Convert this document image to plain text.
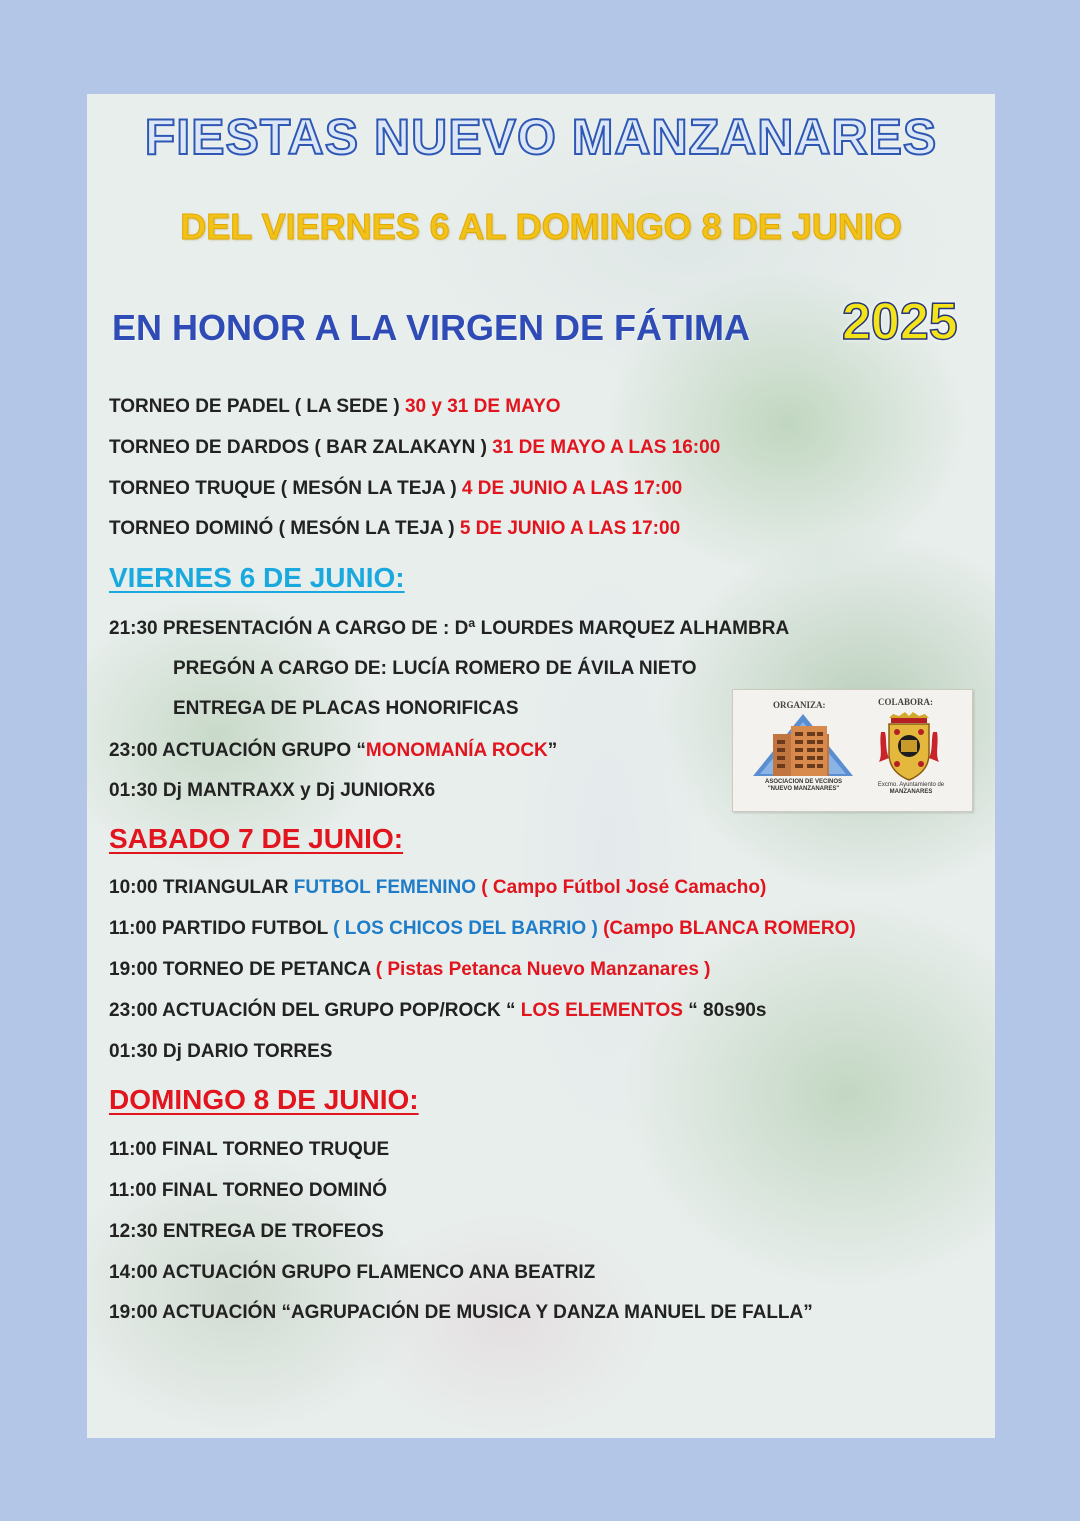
FIESTAS NUEVO MANZANARES
DEL VIERNES 6 AL DOMINGO 8 DE JUNIO
EN HONOR A LA VIRGEN DE FÁTIMA 2025
TORNEO DE PADEL ( LA SEDE ) 30 y 31 DE MAYO
TORNEO DE DARDOS ( BAR ZALAKAYN ) 31 DE MAYO A LAS 16:00
TORNEO TRUQUE ( MESÓN LA TEJA ) 4 DE JUNIO A LAS 17:00
TORNEO DOMINÓ ( MESÓN LA TEJA ) 5 DE JUNIO A LAS 17:00
VIERNES 6 DE JUNIO:
21:30 PRESENTACIÓN A CARGO DE : Dª LOURDES MARQUEZ ALHAMBRA
PREGÓN A CARGO DE: LUCÍA ROMERO DE ÁVILA NIETO
ENTREGA DE PLACAS HONORIFICAS
23:00 ACTUACIÓN GRUPO “MONOMANÍA ROCK”
01:30 Dj MANTRAXX y Dj JUNIORX6
ORGANIZA:	COLABORA:
ASOCIACION DE VECINOS
"NUEVO MANZANARES"
Excmo. Ayuntamiento de
MANZANARES
SABADO 7 DE JUNIO:
10:00 TRIANGULAR FUTBOL FEMENINO ( Campo Fútbol José Camacho)
11:00 PARTIDO FUTBOL ( LOS CHICOS DEL BARRIO ) (Campo BLANCA ROMERO)
19:00 TORNEO DE PETANCA ( Pistas Petanca Nuevo Manzanares )
23:00 ACTUACIÓN DEL GRUPO POP/ROCK “ LOS ELEMENTOS “ 80s90s
01:30 Dj DARIO TORRES
DOMINGO 8 DE JUNIO:
11:00 FINAL TORNEO TRUQUE
11:00 FINAL TORNEO DOMINÓ
12:30 ENTREGA DE TROFEOS
14:00 ACTUACIÓN GRUPO FLAMENCO ANA BEATRIZ
19:00 ACTUACIÓN “AGRUPACIÓN DE MUSICA Y DANZA MANUEL DE FALLA”
